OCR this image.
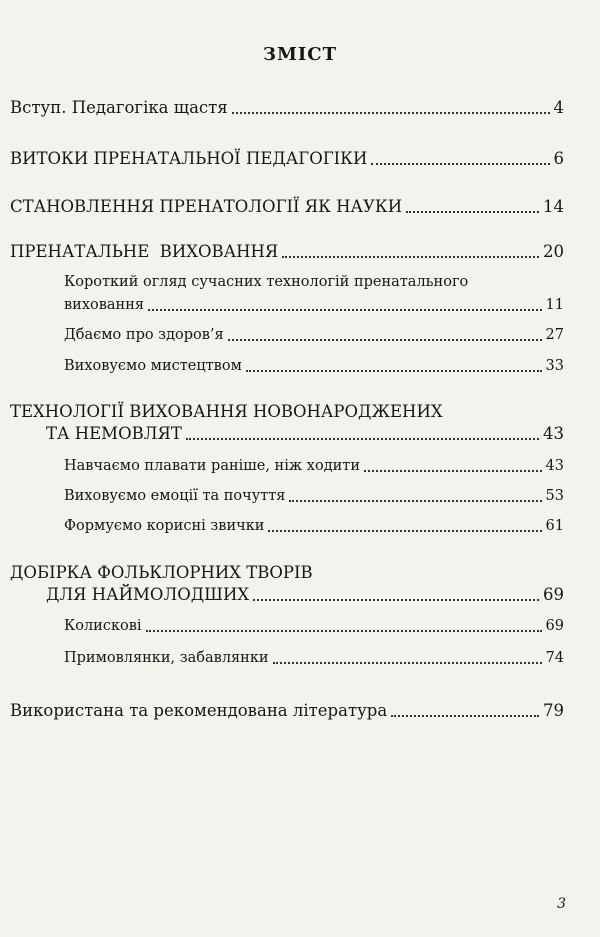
ЗМІСТ
Вступ. Педагогіка щастя	4
ВИТОКИ ПРЕНАТАЛЬНОЇ ПЕДАГОГІКИ	6
СТАНОВЛЕННЯ ПРЕНАТОЛОГІЇ ЯК НАУКИ	14
ПРЕНАТАЛЬНЕ  ВИХОВАННЯ	20
Короткий огляд сучасних технологій пренатального
виховання	11
Дбаємо про здоров’я	27
Виховуємо мистецтвом	33
ТЕХНОЛОГІЇ ВИХОВАННЯ НОВОНАРОДЖЕНИХ
ТА НЕМОВЛЯТ	43
Навчаємо плавати раніше, ніж ходити	43
Виховуємо емоції та почуття	53
Формуємо корисні звички	61
ДОБІРКА ФОЛЬКЛОРНИХ ТВОРІВ
ДЛЯ НАЙМОЛОДШИХ	69
Колискові	69
Примовлянки, забавлянки	74
Використана та рекомендована література	79
3
